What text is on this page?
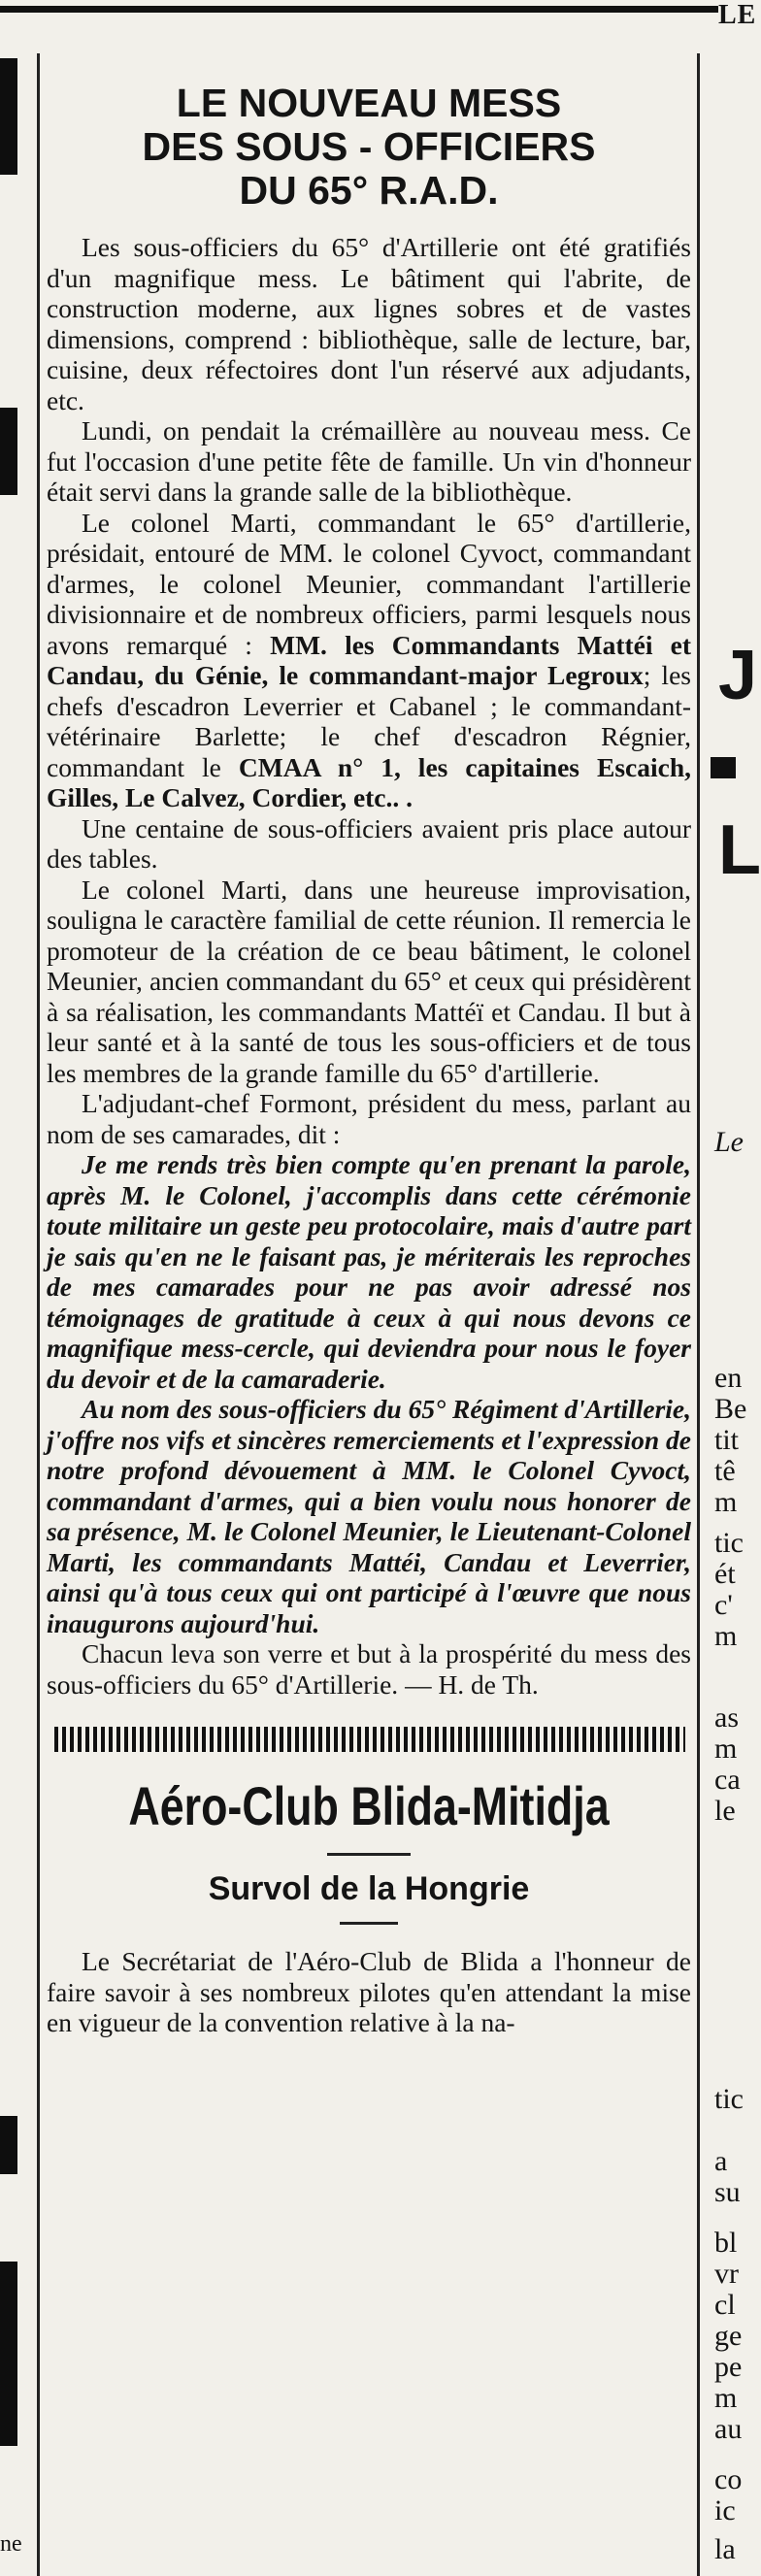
LE
ne
J
L
Le
en
Be
tit
tê
m
tic
ét
c'
m
as
m
ca
le
tic
a
su
bl
vr
cl
ge
pe
m
au
co
ic
la
LE NOUVEAU MESS
DES SOUS - OFFICIERS
DU 65° R.A.D.

Les sous-officiers du 65° d'Artillerie ont été gratifiés d'un magnifique mess. Le bâtiment qui l'abrite, de construction moderne, aux lignes sobres et de vastes dimensions, comprend : bibliothèque, salle de lecture, bar, cuisine, deux réfectoires dont l'un réservé aux adjudants, etc.

Lundi, on pendait la crémaillère au nouveau mess. Ce fut l'occasion d'une petite fête de famille. Un vin d'honneur était servi dans la grande salle de la bibliothèque.

Le colonel Marti, commandant le 65° d'artillerie, présidait, entouré de MM. le colonel Cyvoct, commandant d'armes, le colonel Meunier, commandant l'artillerie divisionnaire et de nombreux officiers, parmi lesquels nous avons remarqué : MM. les Commandants Mattéi et Candau, du Génie, le commandant-major Legroux; les chefs d'escadron Leverrier et Cabanel ; le commandant-vétérinaire Barlette; le chef d'escadron Régnier, commandant le CMAA n° 1, les capitaines Escaich, Gilles, Le Calvez, Cordier, etc.. .

Une centaine de sous-officiers avaient pris place autour des tables.

Le colonel Marti, dans une heureuse improvisation, souligna le caractère familial de cette réunion. Il remercia le promoteur de la création de ce beau bâtiment, le colonel Meunier, ancien commandant du 65° et ceux qui présidèrent à sa réalisation, les commandants Mattéï et Candau. Il but à leur santé et à la santé de tous les sous-officiers et de tous les membres de la grande famille du 65° d'artillerie.

L'adjudant-chef Formont, président du mess, parlant au nom de ses camarades, dit :

Je me rends très bien compte qu'en prenant la parole, après M. le Colonel, j'accomplis dans cette cérémonie toute militaire un geste peu protocolaire, mais d'autre part je sais qu'en ne le faisant pas, je mériterais les reproches de mes camarades pour ne pas avoir adressé nos témoignages de gratitude à ceux à qui nous devons ce magnifique mess-cercle, qui deviendra pour nous le foyer du devoir et de la camaraderie.

Au nom des sous-officiers du 65° Régiment d'Artillerie, j'offre nos vifs et sincères remerciements et l'expression de notre profond dévouement à MM. le Colonel Cyvoct, commandant d'armes, qui a bien voulu nous honorer de sa présence, M. le Colonel Meunier, le Lieutenant-Colonel Marti, les commandants Mattéi, Candau et Leverrier, ainsi qu'à tous ceux qui ont participé à l'œuvre que nous inaugurons aujourd'hui.

Chacun leva son verre et but à la prospérité du mess des sous-officiers du 65° d'Artillerie. — H. de Th.

Aéro-Club Blida-Mitidja
Survol de la Hongrie

Le Secrétariat de l'Aéro-Club de Blida a l'honneur de faire savoir à ses nombreux pilotes qu'en attendant la mise en vigueur de la convention relative à la na-
